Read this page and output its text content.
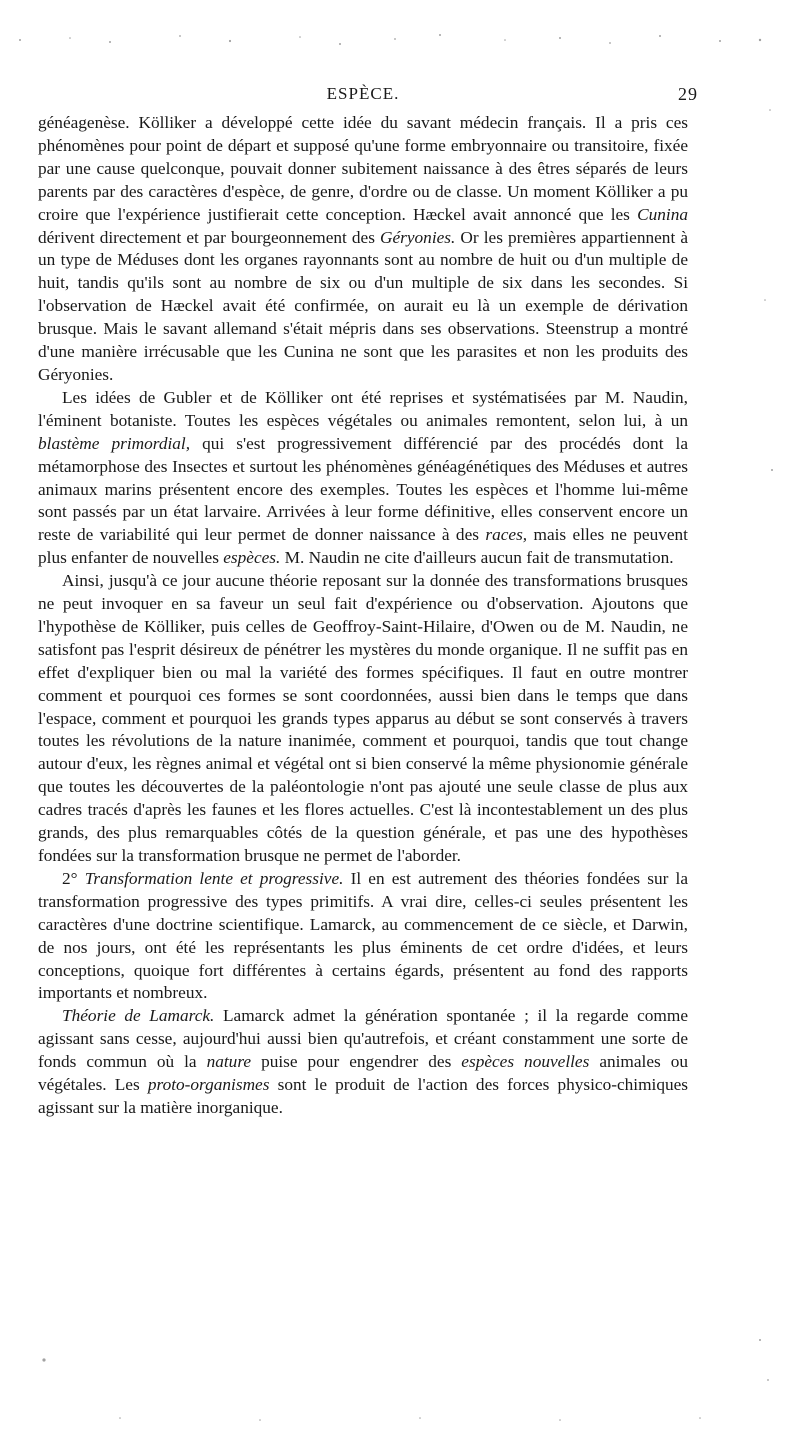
ESPÈCE.	29

généagenèse. Kölliker a développé cette idée du savant médecin français. Il a pris ces phénomènes pour point de départ et supposé qu'une forme embryonnaire ou transitoire, fixée par une cause quelconque, pouvait donner subitement naissance à des êtres séparés de leurs parents par des caractères d'espèce, de genre, d'ordre ou de classe. Un moment Kölliker a pu croire que l'expérience justifierait cette conception. Hæckel avait annoncé que les Cunina dérivent directement et par bourgeonnement des Géryonies. Or les premières appartiennent à un type de Méduses dont les organes rayonnants sont au nombre de huit ou d'un multiple de huit, tandis qu'ils sont au nombre de six ou d'un multiple de six dans les secondes. Si l'observation de Hæckel avait été confirmée, on aurait eu là un exemple de dérivation brusque. Mais le savant allemand s'était mépris dans ses observations. Steenstrup a montré d'une manière irrécusable que les Cunina ne sont que les parasites et non les produits des Géryonies.

Les idées de Gubler et de Kölliker ont été reprises et systématisées par M. Naudin, l'éminent botaniste. Toutes les espèces végétales ou animales remontent, selon lui, à un blastème primordial, qui s'est progressivement différencié par des procédés dont la métamorphose des Insectes et surtout les phénomènes généagénétiques des Méduses et autres animaux marins présentent encore des exemples. Toutes les espèces et l'homme lui-même sont passés par un état larvaire. Arrivées à leur forme définitive, elles conservent encore un reste de variabilité qui leur permet de donner naissance à des races, mais elles ne peuvent plus enfanter de nouvelles espèces. M. Naudin ne cite d'ailleurs aucun fait de transmutation.

Ainsi, jusqu'à ce jour aucune théorie reposant sur la donnée des transformations brusques ne peut invoquer en sa faveur un seul fait d'expérience ou d'observation. Ajoutons que l'hypothèse de Kölliker, puis celles de Geoffroy-Saint-Hilaire, d'Owen ou de M. Naudin, ne satisfont pas l'esprit désireux de pénétrer les mystères du monde organique. Il ne suffit pas en effet d'expliquer bien ou mal la variété des formes spécifiques. Il faut en outre montrer comment et pourquoi ces formes se sont coordonnées, aussi bien dans le temps que dans l'espace, comment et pourquoi les grands types apparus au début se sont conservés à travers toutes les révolutions de la nature inanimée, comment et pourquoi, tandis que tout change autour d'eux, les règnes animal et végétal ont si bien conservé la même physionomie générale que toutes les découvertes de la paléontologie n'ont pas ajouté une seule classe de plus aux cadres tracés d'après les faunes et les flores actuelles. C'est là incontestablement un des plus grands, des plus remarquables côtés de la question générale, et pas une des hypothèses fondées sur la transformation brusque ne permet de l'aborder.

2° Transformation lente et progressive. Il en est autrement des théories fondées sur la transformation progressive des types primitifs. A vrai dire, celles-ci seules présentent les caractères d'une doctrine scientifique. Lamarck, au commencement de ce siècle, et Darwin, de nos jours, ont été les représentants les plus éminents de cet ordre d'idées, et leurs conceptions, quoique fort différentes à certains égards, présentent au fond des rapports importants et nombreux.

Théorie de Lamarck. Lamarck admet la génération spontanée ; il la regarde comme agissant sans cesse, aujourd'hui aussi bien qu'autrefois, et créant constamment une sorte de fonds commun où la nature puise pour engendrer des espèces nouvelles animales ou végétales. Les proto-organismes sont le produit de l'action des forces physico-chimiques agissant sur la matière inorganique.
